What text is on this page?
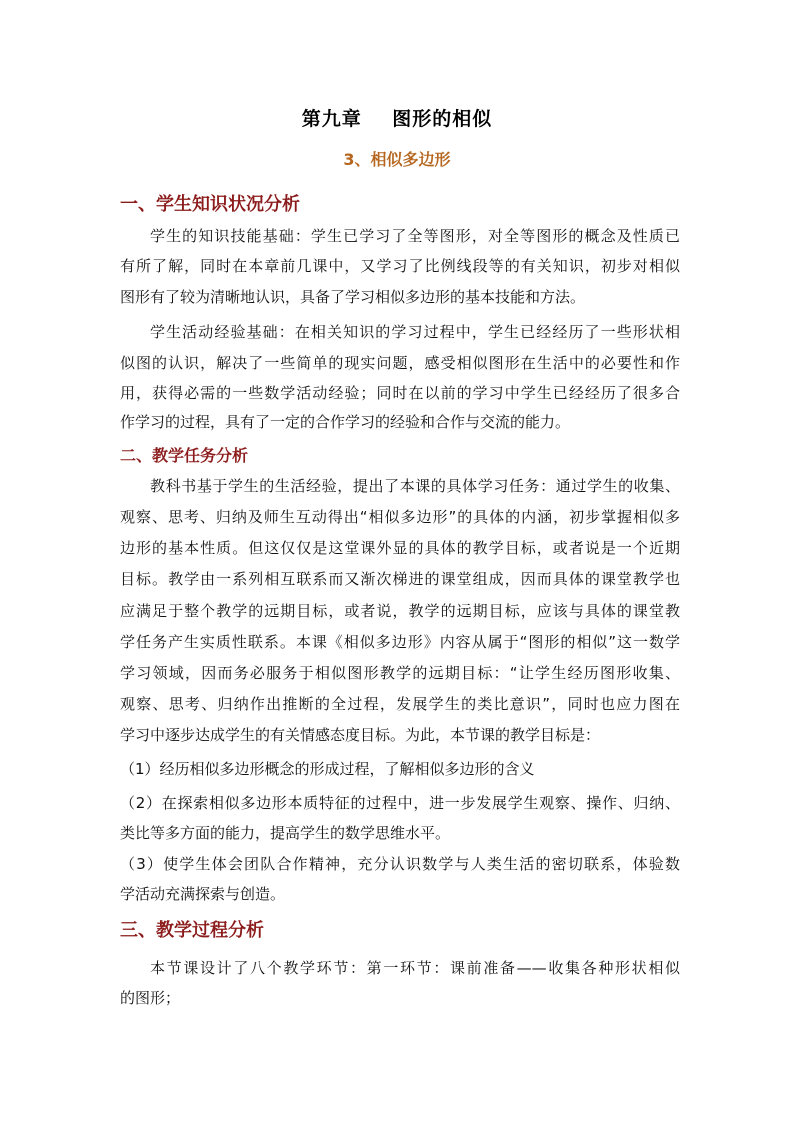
第九章    图形的相似
3、相似多边形
一、学生知识状况分析
学生的知识技能基础：学生已学习了全等图形，对全等图形的概念及性质已
有所了解，同时在本章前几课中，又学习了比例线段等的有关知识，初步对相似
图形有了较为清晰地认识，具备了学习相似多边形的基本技能和方法。
学生活动经验基础：在相关知识的学习过程中，学生已经经历了一些形状相
似图的认识，解决了一些简单的现实问题，感受相似图形在生活中的必要性和作
用，获得必需的一些数学活动经验；同时在以前的学习中学生已经经历了很多合
作学习的过程，具有了一定的合作学习的经验和合作与交流的能力。
二、教学任务分析
教科书基于学生的生活经验，提出了本课的具体学习任务：通过学生的收集、
观察、思考、归纳及师生互动得出“相似多边形”的具体的内涵，初步掌握相似多
边形的基本性质。但这仅仅是这堂课外显的具体的教学目标，或者说是一个近期
目标。教学由一系列相互联系而又渐次梯进的课堂组成，因而具体的课堂教学也
应满足于整个教学的远期目标，或者说，教学的远期目标，应该与具体的课堂教
学任务产生实质性联系。本课《相似多边形》内容从属于“图形的相似”这一数学
学习领域，因而务必服务于相似图形教学的远期目标：“让学生经历图形收集、
观察、思考、归纳作出推断的全过程，发展学生的类比意识”，同时也应力图在
学习中逐步达成学生的有关情感态度目标。为此，本节课的教学目标是：
（1）经历相似多边形概念的形成过程，了解相似多边形的含义
（2）在探索相似多边形本质特征的过程中，进一步发展学生观察、操作、归纳、
类比等多方面的能力，提高学生的数学思维水平。
（3）使学生体会团队合作精神，充分认识数学与人类生活的密切联系，体验数
学活动充满探索与创造。
三、教学过程分析
本节课设计了八个教学环节：第一环节：课前准备——收集各种形状相似
的图形；
